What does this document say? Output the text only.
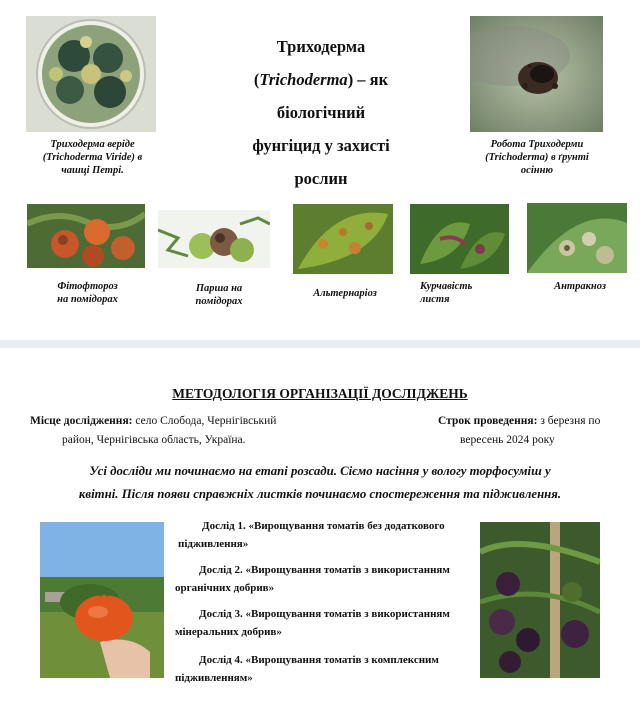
Триходерма веріде
(Trichoderma Viride) в
чашці Петрі.
Триходерма
(Trichoderma) – як
біологічний
фунгіцид у захисті
рослин
Робота Триходерми
(Trichoderma) в ґрунті
осінню
Фітофтороз
на помідорах
Парша на
помідорах
Альтернаріоз
Курчавість
листя
Антракноз
МЕТОДОЛОГІЯ ОРГАНІЗАЦІЇ ДОСЛІДЖЕНЬ
Місце дослідження: село Слобода, Чернігівський
район, Чернігівська область, Україна.
Строк проведення: з березня по
вересень 2024 року
Усі досліди ми починаємо на етапі розсади. Сіємо насіння у вологу торфосуміш у
квітні. Після появи справжніх листків починаємо спостереження та підживлення.
Дослід 1. «Вирощування томатів без додаткового
підживлення»
Дослід 2. «Вирощування томатів з використанням
органічних добрив»
Дослід 3. «Вирощування томатів з використанням
мінеральних добрив»
Дослід 4. «Вирощування томатів з комплексним
підживленням»
